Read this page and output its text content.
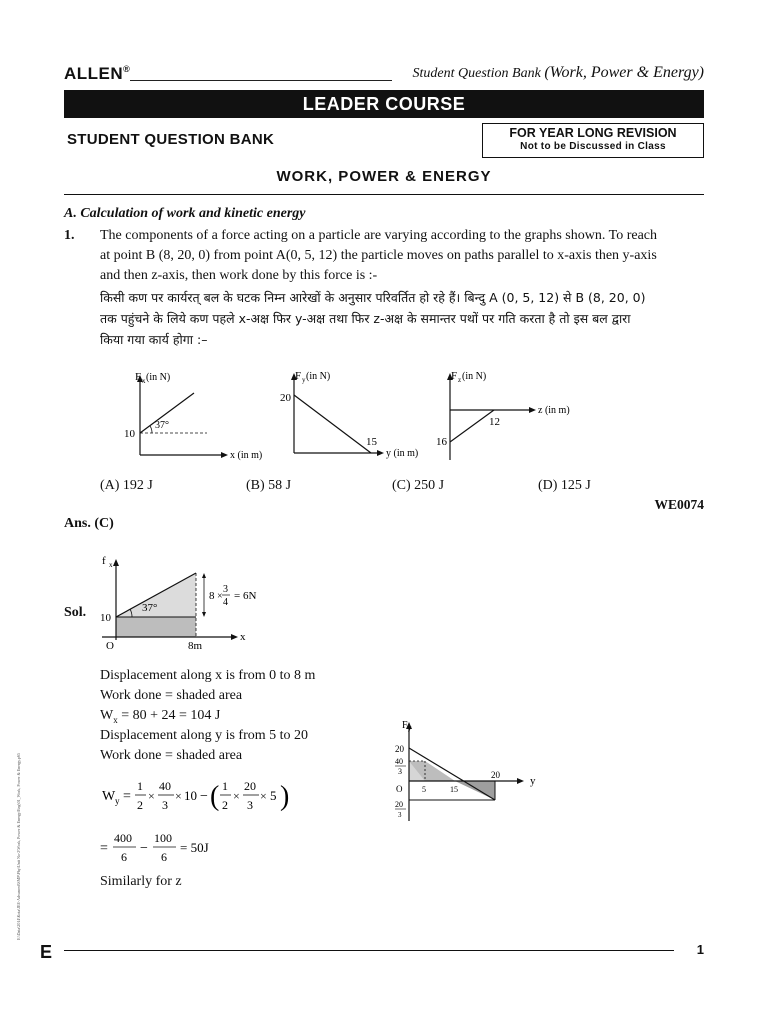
ALLEN®	Student Question Bank (Work, Power & Energy)
LEADER COURSE
STUDENT QUESTION BANK	FOR YEAR LONG REVISION
Not to be Discussed in Class
WORK, POWER & ENERGY
A. Calculation of work and kinetic energy
1. The components of a force acting on a particle are varying according to the graphs shown. To reach
at point B (8, 20, 0) from point A(0, 5, 12) the particle moves on paths parallel to x-axis then y-axis
and then z-axis, then work done by this force is :-
किसी कण पर कार्यरत् बल के घटक निम्न आरेखों के अनुसार परिवर्तित हो रहे हैं। बिन्दु A (0, 5, 12) से B (8, 20, 0)
तक पहुंचने के लिये कण पहले x-अक्ष फिर y-अक्ष तथा फिर z-अक्ष के समान्तर पथों पर गति करता है तो इस बल द्वारा
किया गया कार्य होगा :–
F x (in N)
10
37°
x (in m)
F y (in N)
20
15
y (in m)
F z (in N)
16
12
z (in m)
(A) 192 J	(B) 58 J	(C) 250 J	(D) 125 J
WE0074
Ans. (C)
Sol.
f x
10
37°
O	8m
x
8 ×
3
4
= 6N
Displacement along x is from 0 to 8 m
Work done = shaded area
$W_x = 80 + 24 = 104$ J
Displacement along y is from 5 to 20
Work done = shaded area
W y =
1
2
×
40
3
× 10 − ( 1
2
×
20
3
× 5 )
=
400
6
−
100
6
= 50J
Similarly for z
F y
20
40
3
O 5	15
20
20
3
y
E:\Data\2014\Kota\JEE-Advanced\SMP\Phy\Unit No-2\Work, Power & Energy\Eng\01_Work, Power & Energy.p65
E	1
